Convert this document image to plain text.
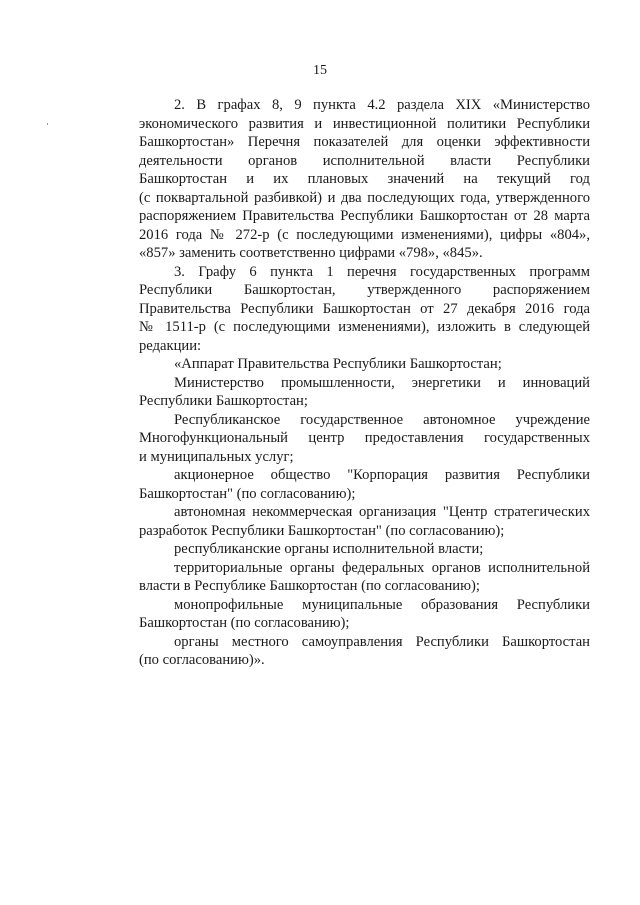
15

2. В графах 8, 9 пункта 4.2 раздела XIX «Министерство
экономического развития и инвестиционной политики Республики
Башкортостан» Перечня показателей для оценки эффективности
деятельности органов исполнительной власти Республики
Башкортостан и их плановых значений на текущий год
(с поквартальной разбивкой) и два последующих года, утвержденного
распоряжением Правительства Республики Башкортостан от 28 марта
2016 года № 272-р (с последующими изменениями), цифры «804»,
«857» заменить соответственно цифрами «798», «845».

3. Графу 6 пункта 1 перечня государственных программ
Республики Башкортостан, утвержденного распоряжением
Правительства Республики Башкортостан от 27 декабря 2016 года
№ 1511-р (с последующими изменениями), изложить в следующей
редакции:

«Аппарат Правительства Республики Башкортостан;

Министерство промышленности, энергетики и инноваций
Республики Башкортостан;

Республиканское государственное автономное учреждение
Многофункциональный центр предоставления государственных
и муниципальных услуг;

акционерное общество "Корпорация развития Республики
Башкортостан" (по согласованию);

автономная некоммерческая организация "Центр стратегических
разработок Республики Башкортостан" (по согласованию);

республиканские органы исполнительной власти;

территориальные органы федеральных органов исполнительной
власти в Республике Башкортостан (по согласованию);

монопрофильные муниципальные образования Республики
Башкортостан (по согласованию);

органы местного самоуправления Республики Башкортостан
(по согласованию)».
